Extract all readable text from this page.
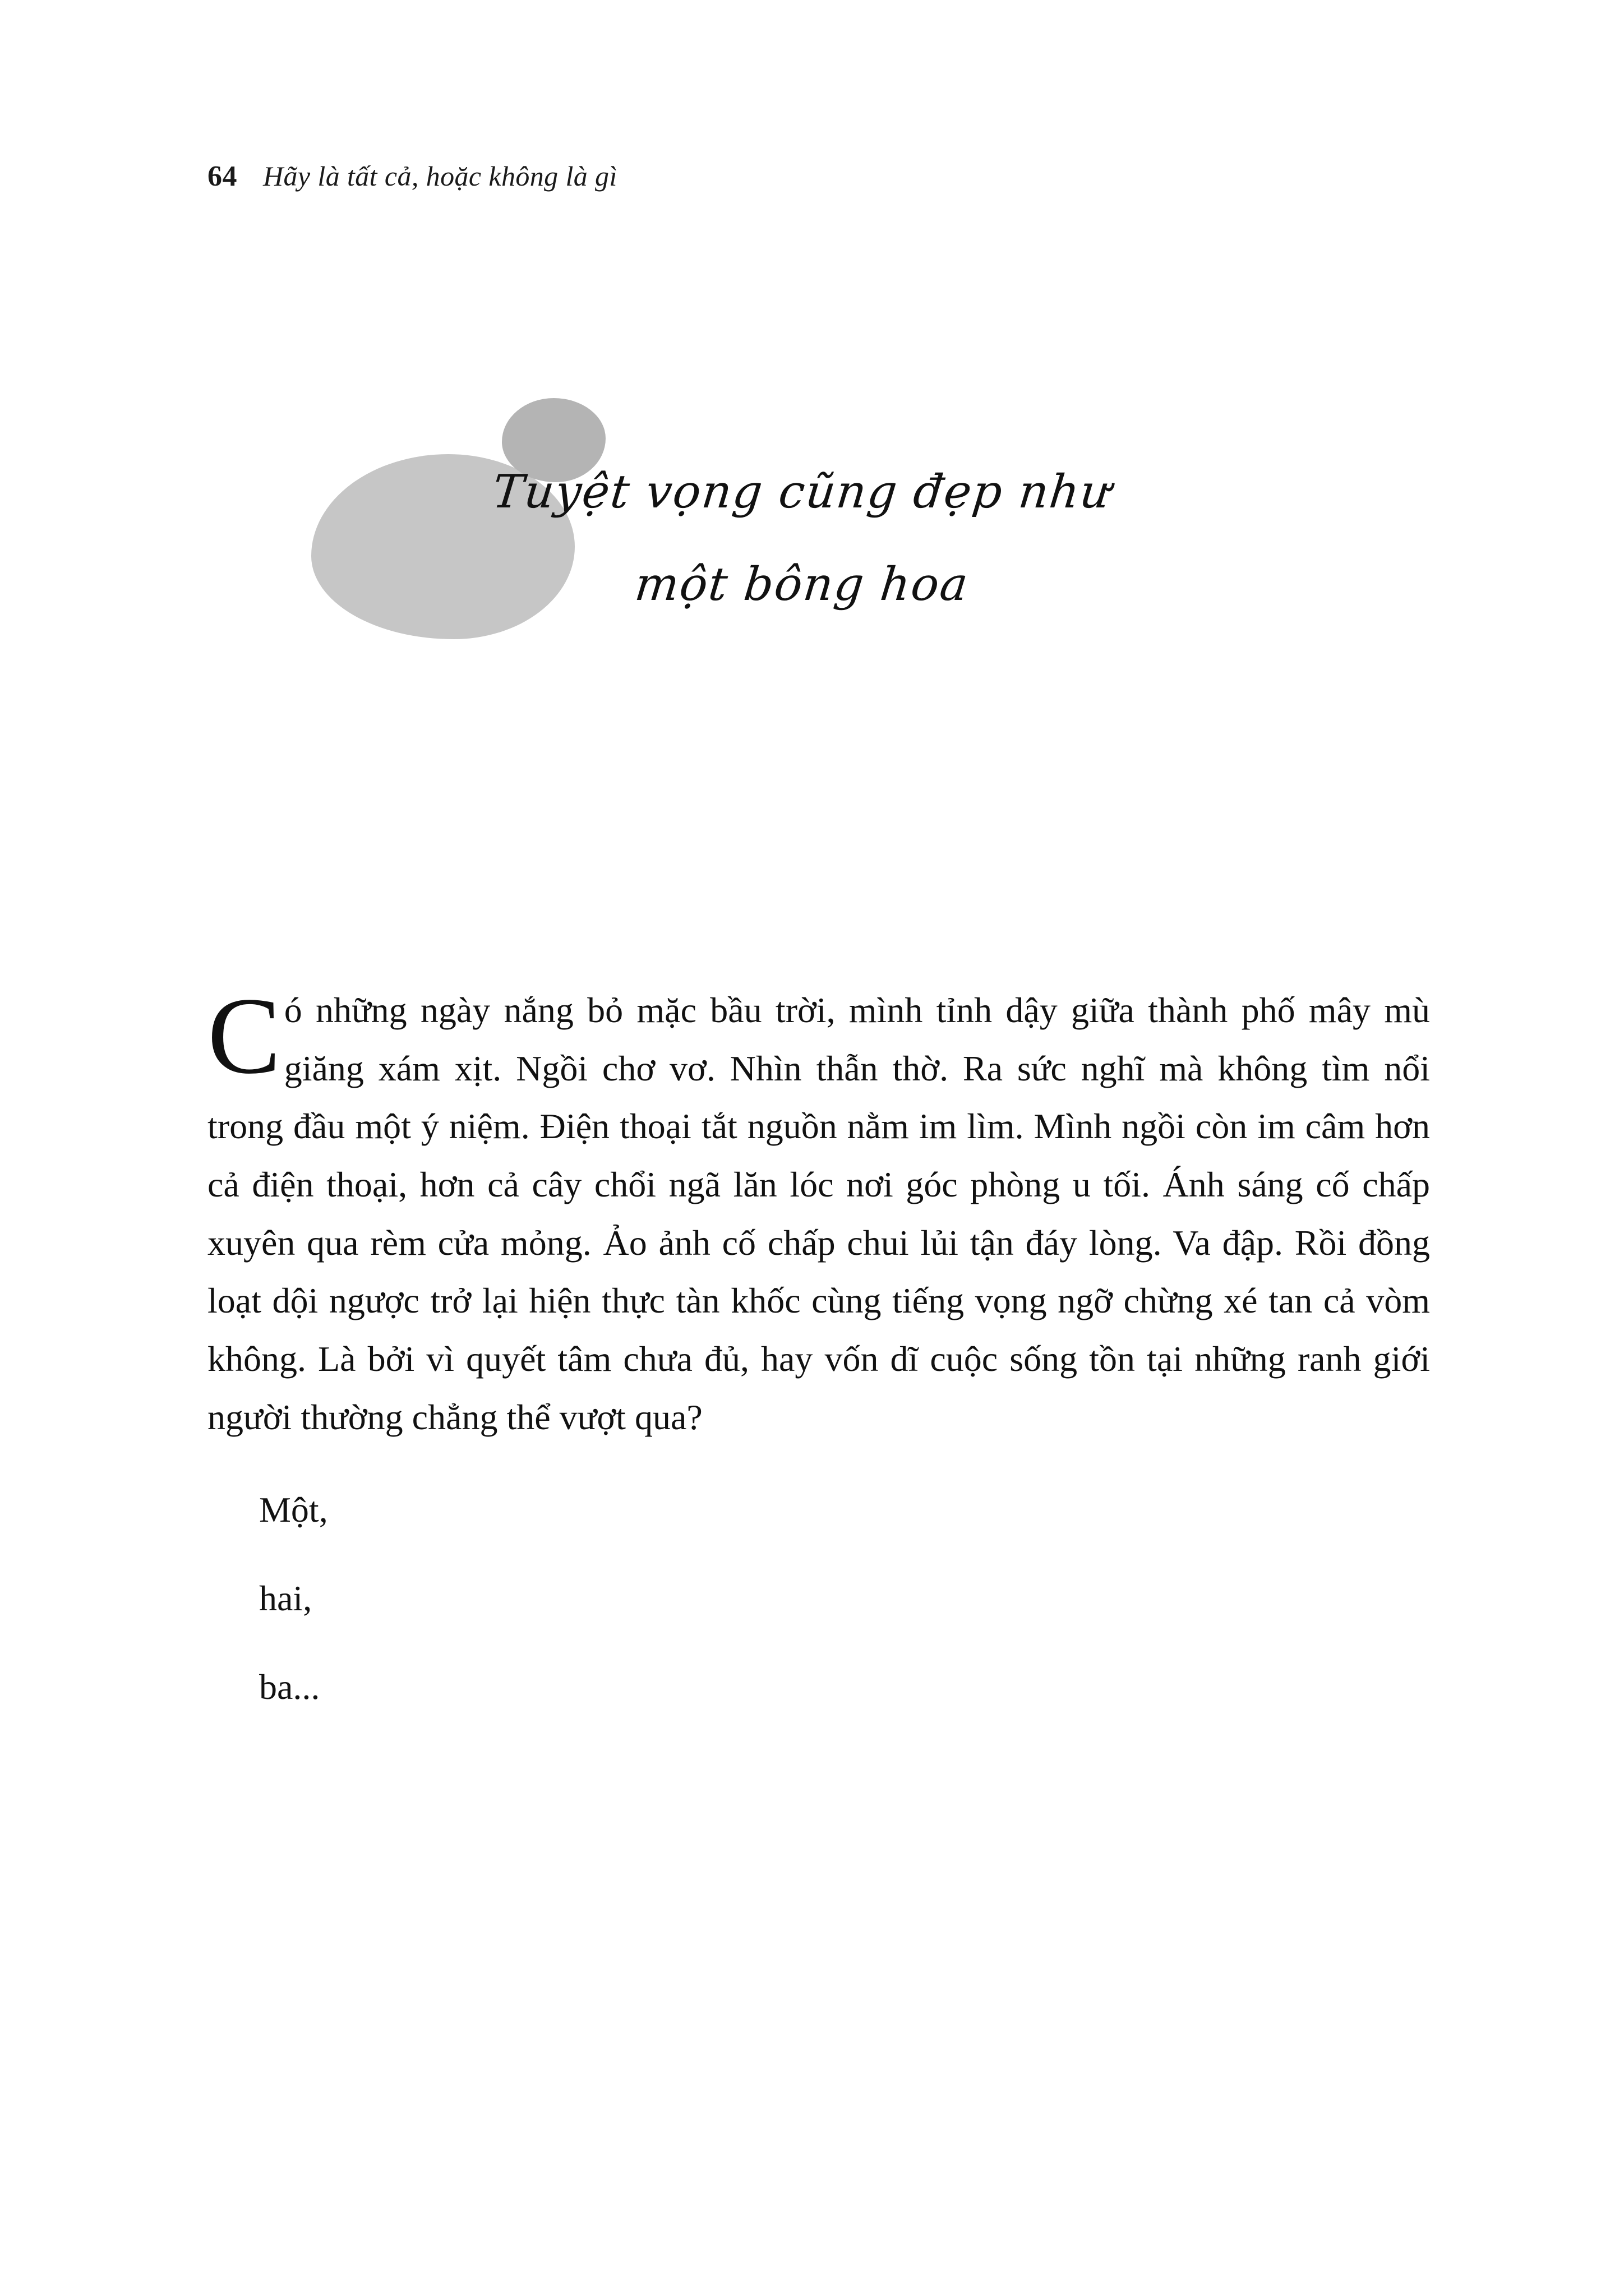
64 Hãy là tất cả, hoặc không là gì
Tuyệt vọng cũng đẹp như
một bông hoa

Có những ngày nắng bỏ mặc bầu trời, mình tỉnh dậy giữa thành phố mây mù giăng xám xịt. Ngồi chơ vơ. Nhìn thẫn thờ. Ra sức nghĩ mà không tìm nổi trong đầu một ý niệm. Điện thoại tắt nguồn nằm im lìm. Mình ngồi còn im câm hơn cả điện thoại, hơn cả cây chổi ngã lăn lóc nơi góc phòng u tối. Ánh sáng cố chấp xuyên qua rèm cửa mỏng. Ảo ảnh cố chấp chui lủi tận đáy lòng. Va đập. Rồi đồng loạt dội ngược trở lại hiện thực tàn khốc cùng tiếng vọng ngỡ chừng xé tan cả vòm không. Là bởi vì quyết tâm chưa đủ, hay vốn dĩ cuộc sống tồn tại những ranh giới người thường chẳng thể vượt qua?

Một,

hai,

ba...
